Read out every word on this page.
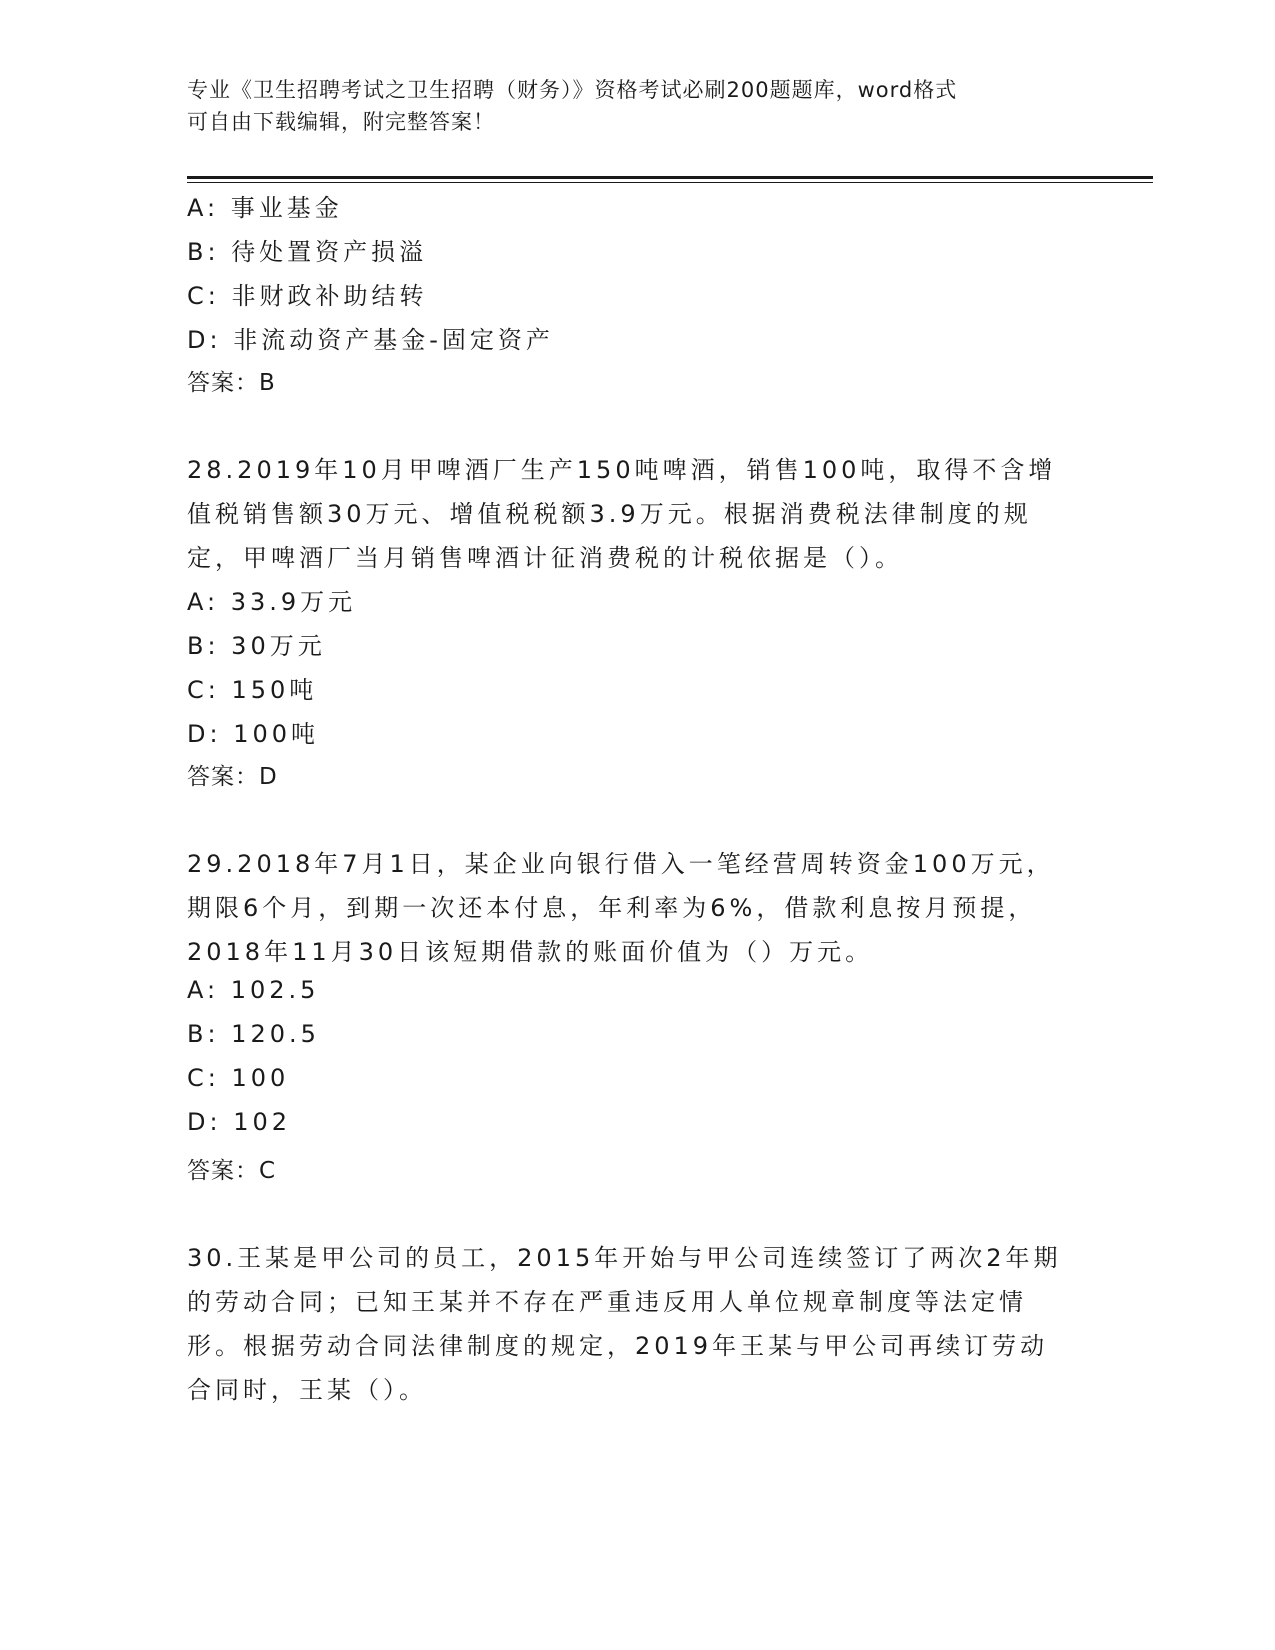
专业《卫生招聘考试之卫生招聘（财务）》资格考试必刷200题题库，word格式
可自由下载编辑，附完整答案！
A: 事业基金
B: 待处置资产损溢
C: 非财政补助结转
D: 非流动资产基金-固定资产
答案：B
28.2019年10月甲啤酒厂生产150吨啤酒，销售100吨，取得不含增
值税销售额30万元、增值税税额3.9万元。根据消费税法律制度的规
定，甲啤酒厂当月销售啤酒计征消费税的计税依据是（）。
A: 33.9万元
B: 30万元
C: 150吨
D: 100吨
答案：D
29.2018年7月1日，某企业向银行借入一笔经营周转资金100万元，
期限6个月，到期一次还本付息，年利率为6%，借款利息按月预提，
2018年11月30日该短期借款的账面价值为（）万元。
A: 102.5
B: 120.5
C: 100
D: 102
答案：C
30.王某是甲公司的员工，2015年开始与甲公司连续签订了两次2年期
的劳动合同；已知王某并不存在严重违反用人单位规章制度等法定情
形。根据劳动合同法律制度的规定，2019年王某与甲公司再续订劳动
合同时，王某（）。
